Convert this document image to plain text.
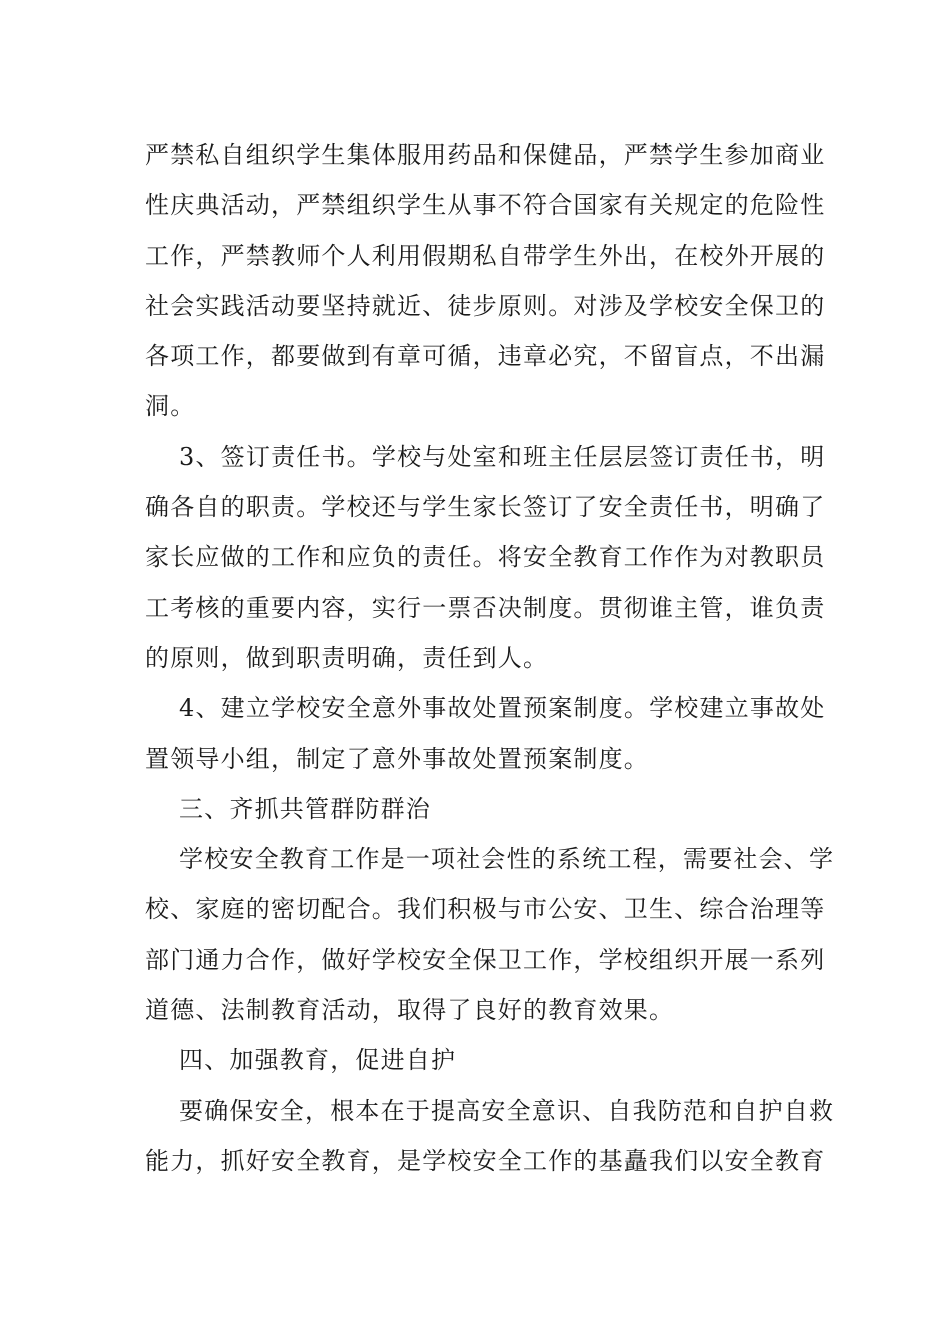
严禁私自组织学生集体服用药品和保健品，严禁学生参加商业
性庆典活动，严禁组织学生从事不符合国家有关规定的危险性
工作，严禁教师个人利用假期私自带学生外出，在校外开展的
社会实践活动要坚持就近、徒步原则。对涉及学校安全保卫的
各项工作，都要做到有章可循，违章必究，不留盲点，不出漏
洞。

3、签订责任书。学校与处室和班主任层层签订责任书，明
确各自的职责。学校还与学生家长签订了安全责任书，明确了
家长应做的工作和应负的责任。将安全教育工作作为对教职员
工考核的重要内容，实行一票否决制度。贯彻谁主管，谁负责
的原则，做到职责明确，责任到人。

4、建立学校安全意外事故处置预案制度。学校建立事故处
置领导小组，制定了意外事故处置预案制度。

三、齐抓共管群防群治

学校安全教育工作是一项社会性的系统工程，需要社会、学
校、家庭的密切配合。我们积极与市公安、卫生、综合治理等
部门通力合作，做好学校安全保卫工作，学校组织开展一系列
道德、法制教育活动，取得了良好的教育效果。

四、加强教育，促进自护

要确保安全，根本在于提高安全意识、自我防范和自护自救
能力，抓好安全教育，是学校安全工作的基矗我们以安全教育
